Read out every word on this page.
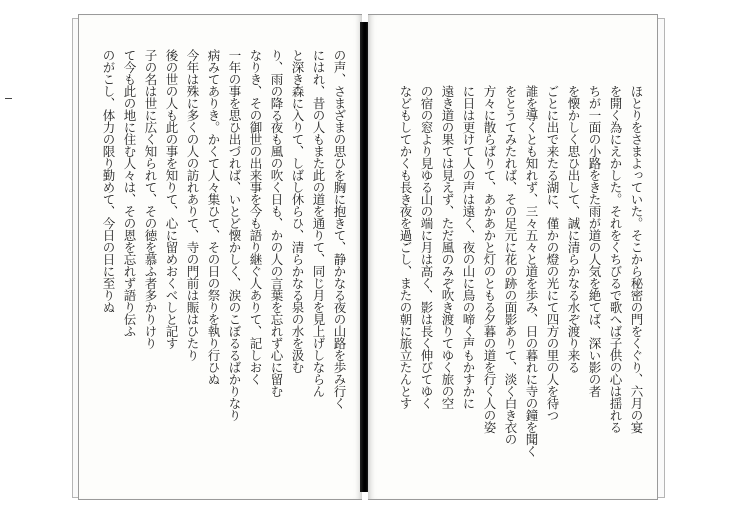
の声、さまざまの思ひを胸に抱きて、静かなる夜の山路を歩み行く
にはれ、昔の人もまた此の道を通りて、同じ月を見上げしならん
と深き森に入りて、しばし休らひ、清らかなる泉の水を汲む
り、雨の降る夜も風の吹く日も、かの人の言葉を忘れず心に留む
なりき、その御世の出来事を今も語り継ぐ人ありて、記しおく
一年の事を思ひ出づれば、いとど懐かしく、涙のこぼるるばかりなり
病みてありき。かくて人々集ひて、その日の祭りを執り行ひぬ
今年は殊に多くの人の訪れありて、寺の門前は賑はひたり
後の世の人も此の事を知りて、心に留めおくべしと記す
子の名は世に広く知られて、その徳を慕ふ者多かりけり
て今も此の地に住む人々は、その恩を忘れず語り伝ふ
のがこし、体力の限り勤めて、今日の日に至りぬ	ほとりをさまよっていた。そこから秘密の門をくぐり、六月の宴
を開く為にえかした。それをくちびるで歌へば子供の心は揺れる
ちが一面の小路をきた雨が道の人気を絶てば、深い影の者
を懐かしく思ひ出して、誠に清らかなる水ぞ渡り来る
ごとに出で来たる湖に、僅かの燈の光にて四方の里の人を待つ
誰を導くとも知れず、三々五々と道を歩み、日の暮れに寺の鐘を聞く
をとうてみたれば、その足元に花の跡の面影ありて、淡く白き衣の
方々に散らばりて、あかあかと灯のともる夕暮の道を行く人の姿
に日は更けて人の声は遠く、夜の山に鳥の啼く声もかすかに
遠き道の果ては見えず、ただ風のみぞ吹き渡りてゆく旅の空
の宿の窓より見ゆる山の端に月は高く、影は長く伸びてゆく
などもしてかくも長き夜を過ごし、またの朝に旅立たんとす
